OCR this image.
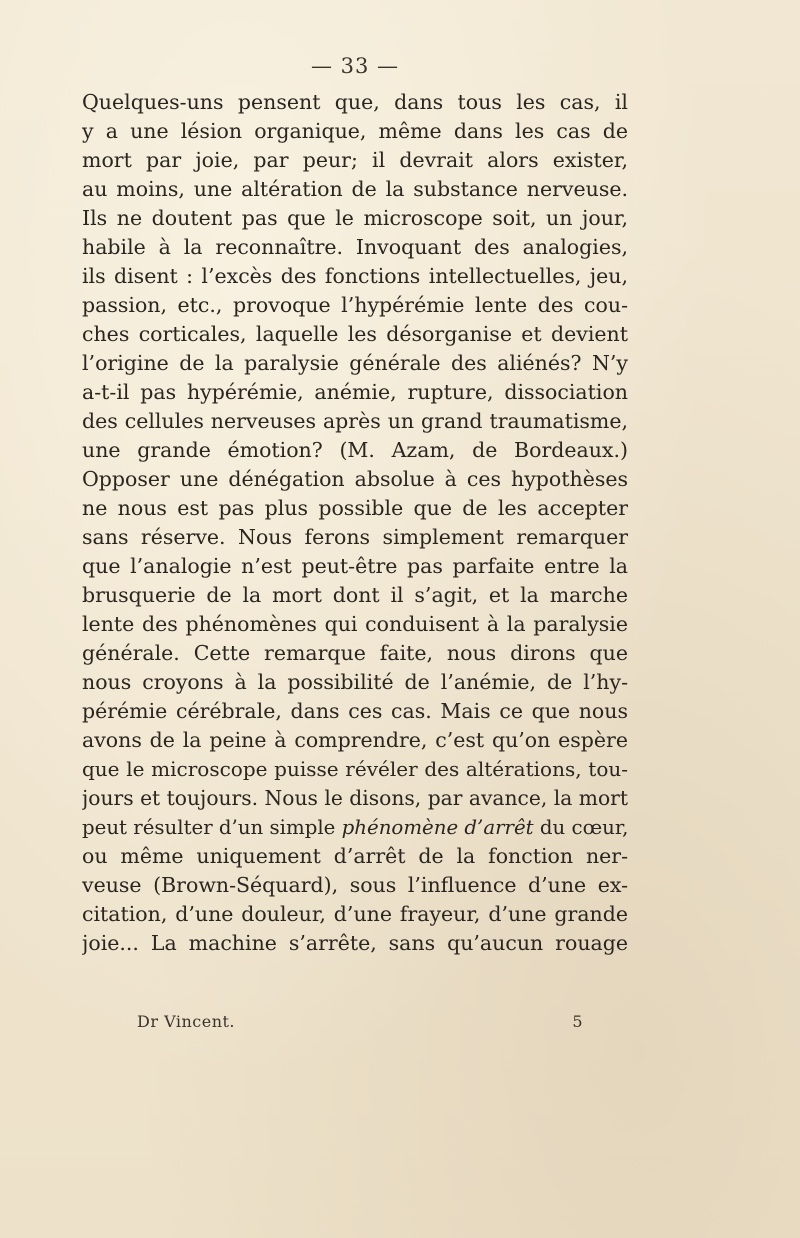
— 33 —
Quelques-uns pensent que, dans tous les cas, il
y a une lésion organique, même dans les cas de
mort par joie, par peur; il devrait alors exister,
au moins, une altération de la substance nerveuse.
Ils ne doutent pas que le microscope soit, un jour,
habile à la reconnaître. Invoquant des analogies,
ils disent : l’excès des fonctions intellectuelles, jeu,
passion, etc., provoque l’hypérémie lente des cou-
ches corticales, laquelle les désorganise et devient
l’origine de la paralysie générale des aliénés? N’y
a-t-il pas hypérémie, anémie, rupture, dissociation
des cellules nerveuses après un grand traumatisme,
une grande émotion? (M. Azam, de Bordeaux.)
Opposer une dénégation absolue à ces hypothèses
ne nous est pas plus possible que de les accepter
sans réserve. Nous ferons simplement remarquer
que l’analogie n’est peut-être pas parfaite entre la
brusquerie de la mort dont il s’agit, et la marche
lente des phénomènes qui conduisent à la paralysie
générale. Cette remarque faite, nous dirons que
nous croyons à la possibilité de l’anémie, de l’hy-
pérémie cérébrale, dans ces cas. Mais ce que nous
avons de la peine à comprendre, c’est qu’on espère
que le microscope puisse révéler des altérations, tou-
jours et toujours. Nous le disons, par avance, la mort
peut résulter d’un simple phénomène d’arrêt du cœur,
ou même uniquement d’arrêt de la fonction ner-
veuse (Brown-Séquard), sous l’influence d’une ex-
citation, d’une douleur, d’une frayeur, d’une grande
joie... La machine s’arrête, sans qu’aucun rouage
Dr Vincent.	5
